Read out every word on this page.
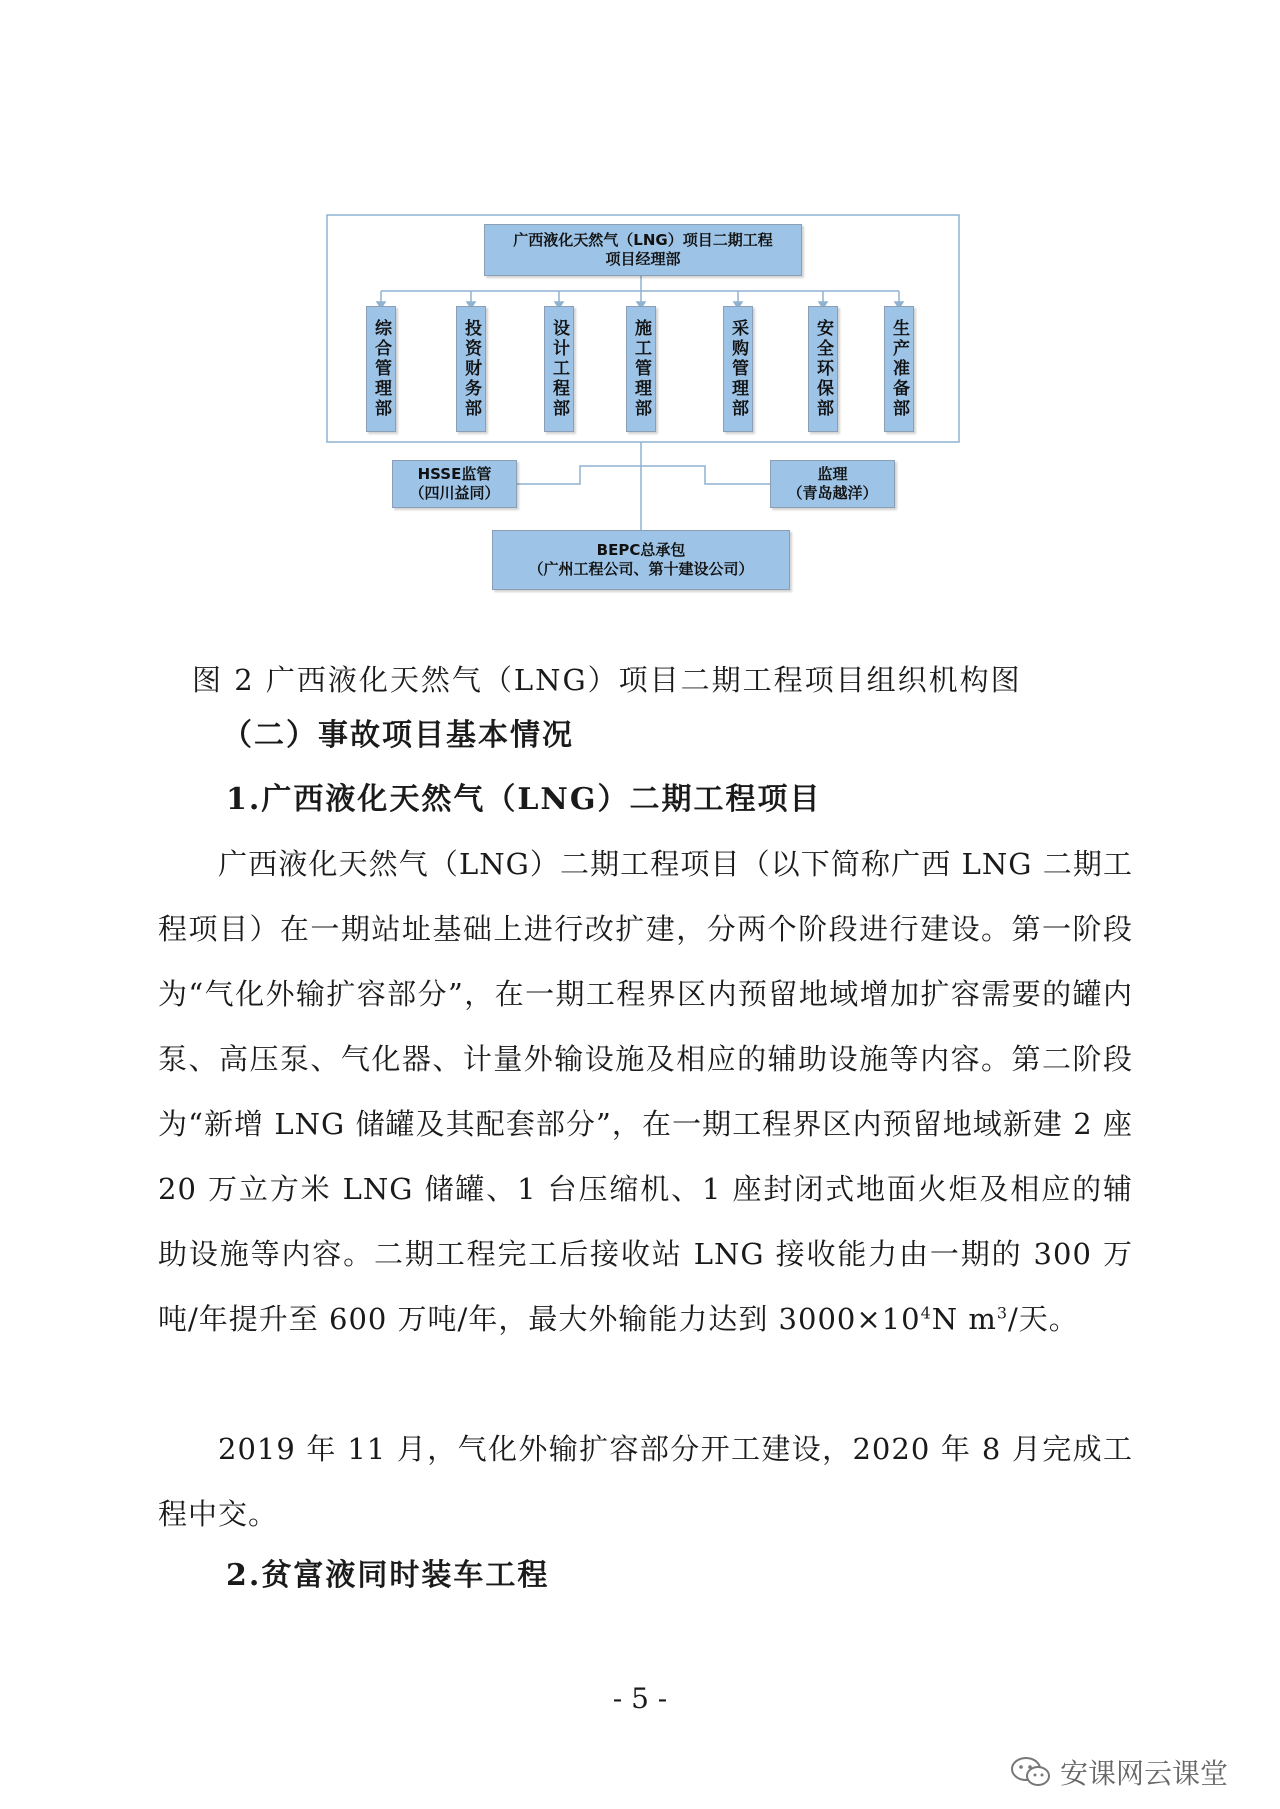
广西液化天然气（LNG）项目二期工程
项目经理部
综合管理部	投资财务部	设计工程部	施工管理部	采购管理部	安全环保部	生产准备部
HSSE监管
（四川益同）
监理
（青岛越洋）
BEPC总承包
（广州工程公司、第十建设公司）
图 2 广西液化天然气（LNG）项目二期工程项目组织机构图
（二）事故项目基本情况
1.广西液化天然气（LNG）二期工程项目

广西液化天然气（LNG）二期工程项目（以下简称广西 LNG 二期工程项目）在一期站址基础上进行改扩建，分两个阶段进行建设。第一阶段为“气化外输扩容部分”，在一期工程界区内预留地域增加扩容需要的罐内泵、高压泵、气化器、计量外输设施及相应的辅助设施等内容。第二阶段为“新增 LNG 储罐及其配套部分”，在一期工程界区内预留地域新建 2 座 20 万立方米 LNG 储罐、1 台压缩机、1 座封闭式地面火炬及相应的辅助设施等内容。二期工程完工后接收站 LNG 接收能力由一期的 300 万吨/年提升至 600 万吨/年，最大外输能力达到 $3000\times 10^4N$ $m^3/$天。

2019 年 11 月，气化外输扩容部分开工建设，2020 年 8 月完成工程中交。

2.贫富液同时装车工程
- 5 -
安课网云课堂
